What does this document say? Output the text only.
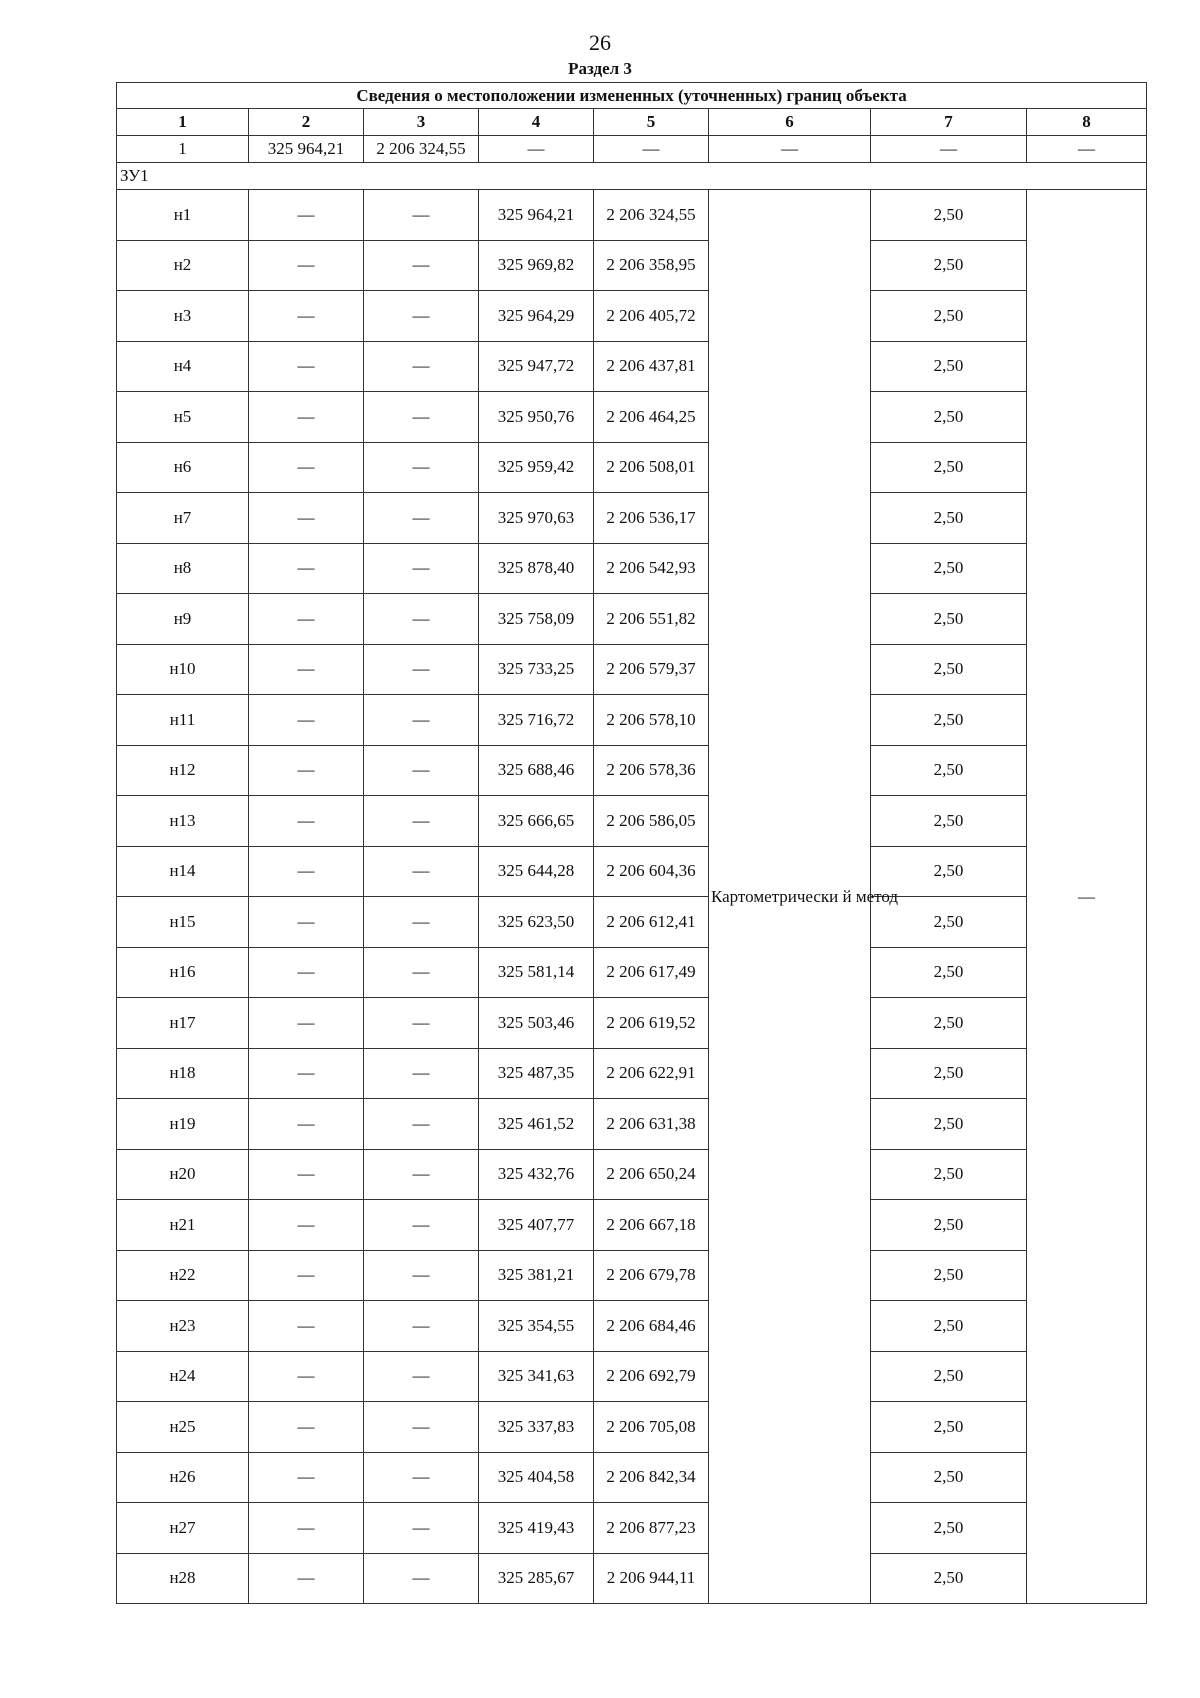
26
Раздел 3
Сведения о местоположении измененных (уточненных) границ объекта							
1	2	3	4	5	6	7	8
1	325 964,21	2 206 324,55	—	—	—	—	—
ЗУ1							
н1	—	—	325 964,21	2 206 324,55	Картометрически й метод	2,50	—
н2	—	—	325 969,82	2 206 358,95		2,50	
н3	—	—	325 964,29	2 206 405,72		2,50	
н4	—	—	325 947,72	2 206 437,81		2,50	
н5	—	—	325 950,76	2 206 464,25		2,50	
н6	—	—	325 959,42	2 206 508,01		2,50	
н7	—	—	325 970,63	2 206 536,17		2,50	
н8	—	—	325 878,40	2 206 542,93		2,50	
н9	—	—	325 758,09	2 206 551,82		2,50	
н10	—	—	325 733,25	2 206 579,37		2,50	
н11	—	—	325 716,72	2 206 578,10		2,50	
н12	—	—	325 688,46	2 206 578,36		2,50	
н13	—	—	325 666,65	2 206 586,05		2,50	
н14	—	—	325 644,28	2 206 604,36		2,50	
н15	—	—	325 623,50	2 206 612,41		2,50	
н16	—	—	325 581,14	2 206 617,49		2,50	
н17	—	—	325 503,46	2 206 619,52		2,50	
н18	—	—	325 487,35	2 206 622,91		2,50	
н19	—	—	325 461,52	2 206 631,38		2,50	
н20	—	—	325 432,76	2 206 650,24		2,50	
н21	—	—	325 407,77	2 206 667,18		2,50	
н22	—	—	325 381,21	2 206 679,78		2,50	
н23	—	—	325 354,55	2 206 684,46		2,50	
н24	—	—	325 341,63	2 206 692,79		2,50	
н25	—	—	325 337,83	2 206 705,08		2,50	
н26	—	—	325 404,58	2 206 842,34		2,50	
н27	—	—	325 419,43	2 206 877,23		2,50	
н28	—	—	325 285,67	2 206 944,11		2,50	
